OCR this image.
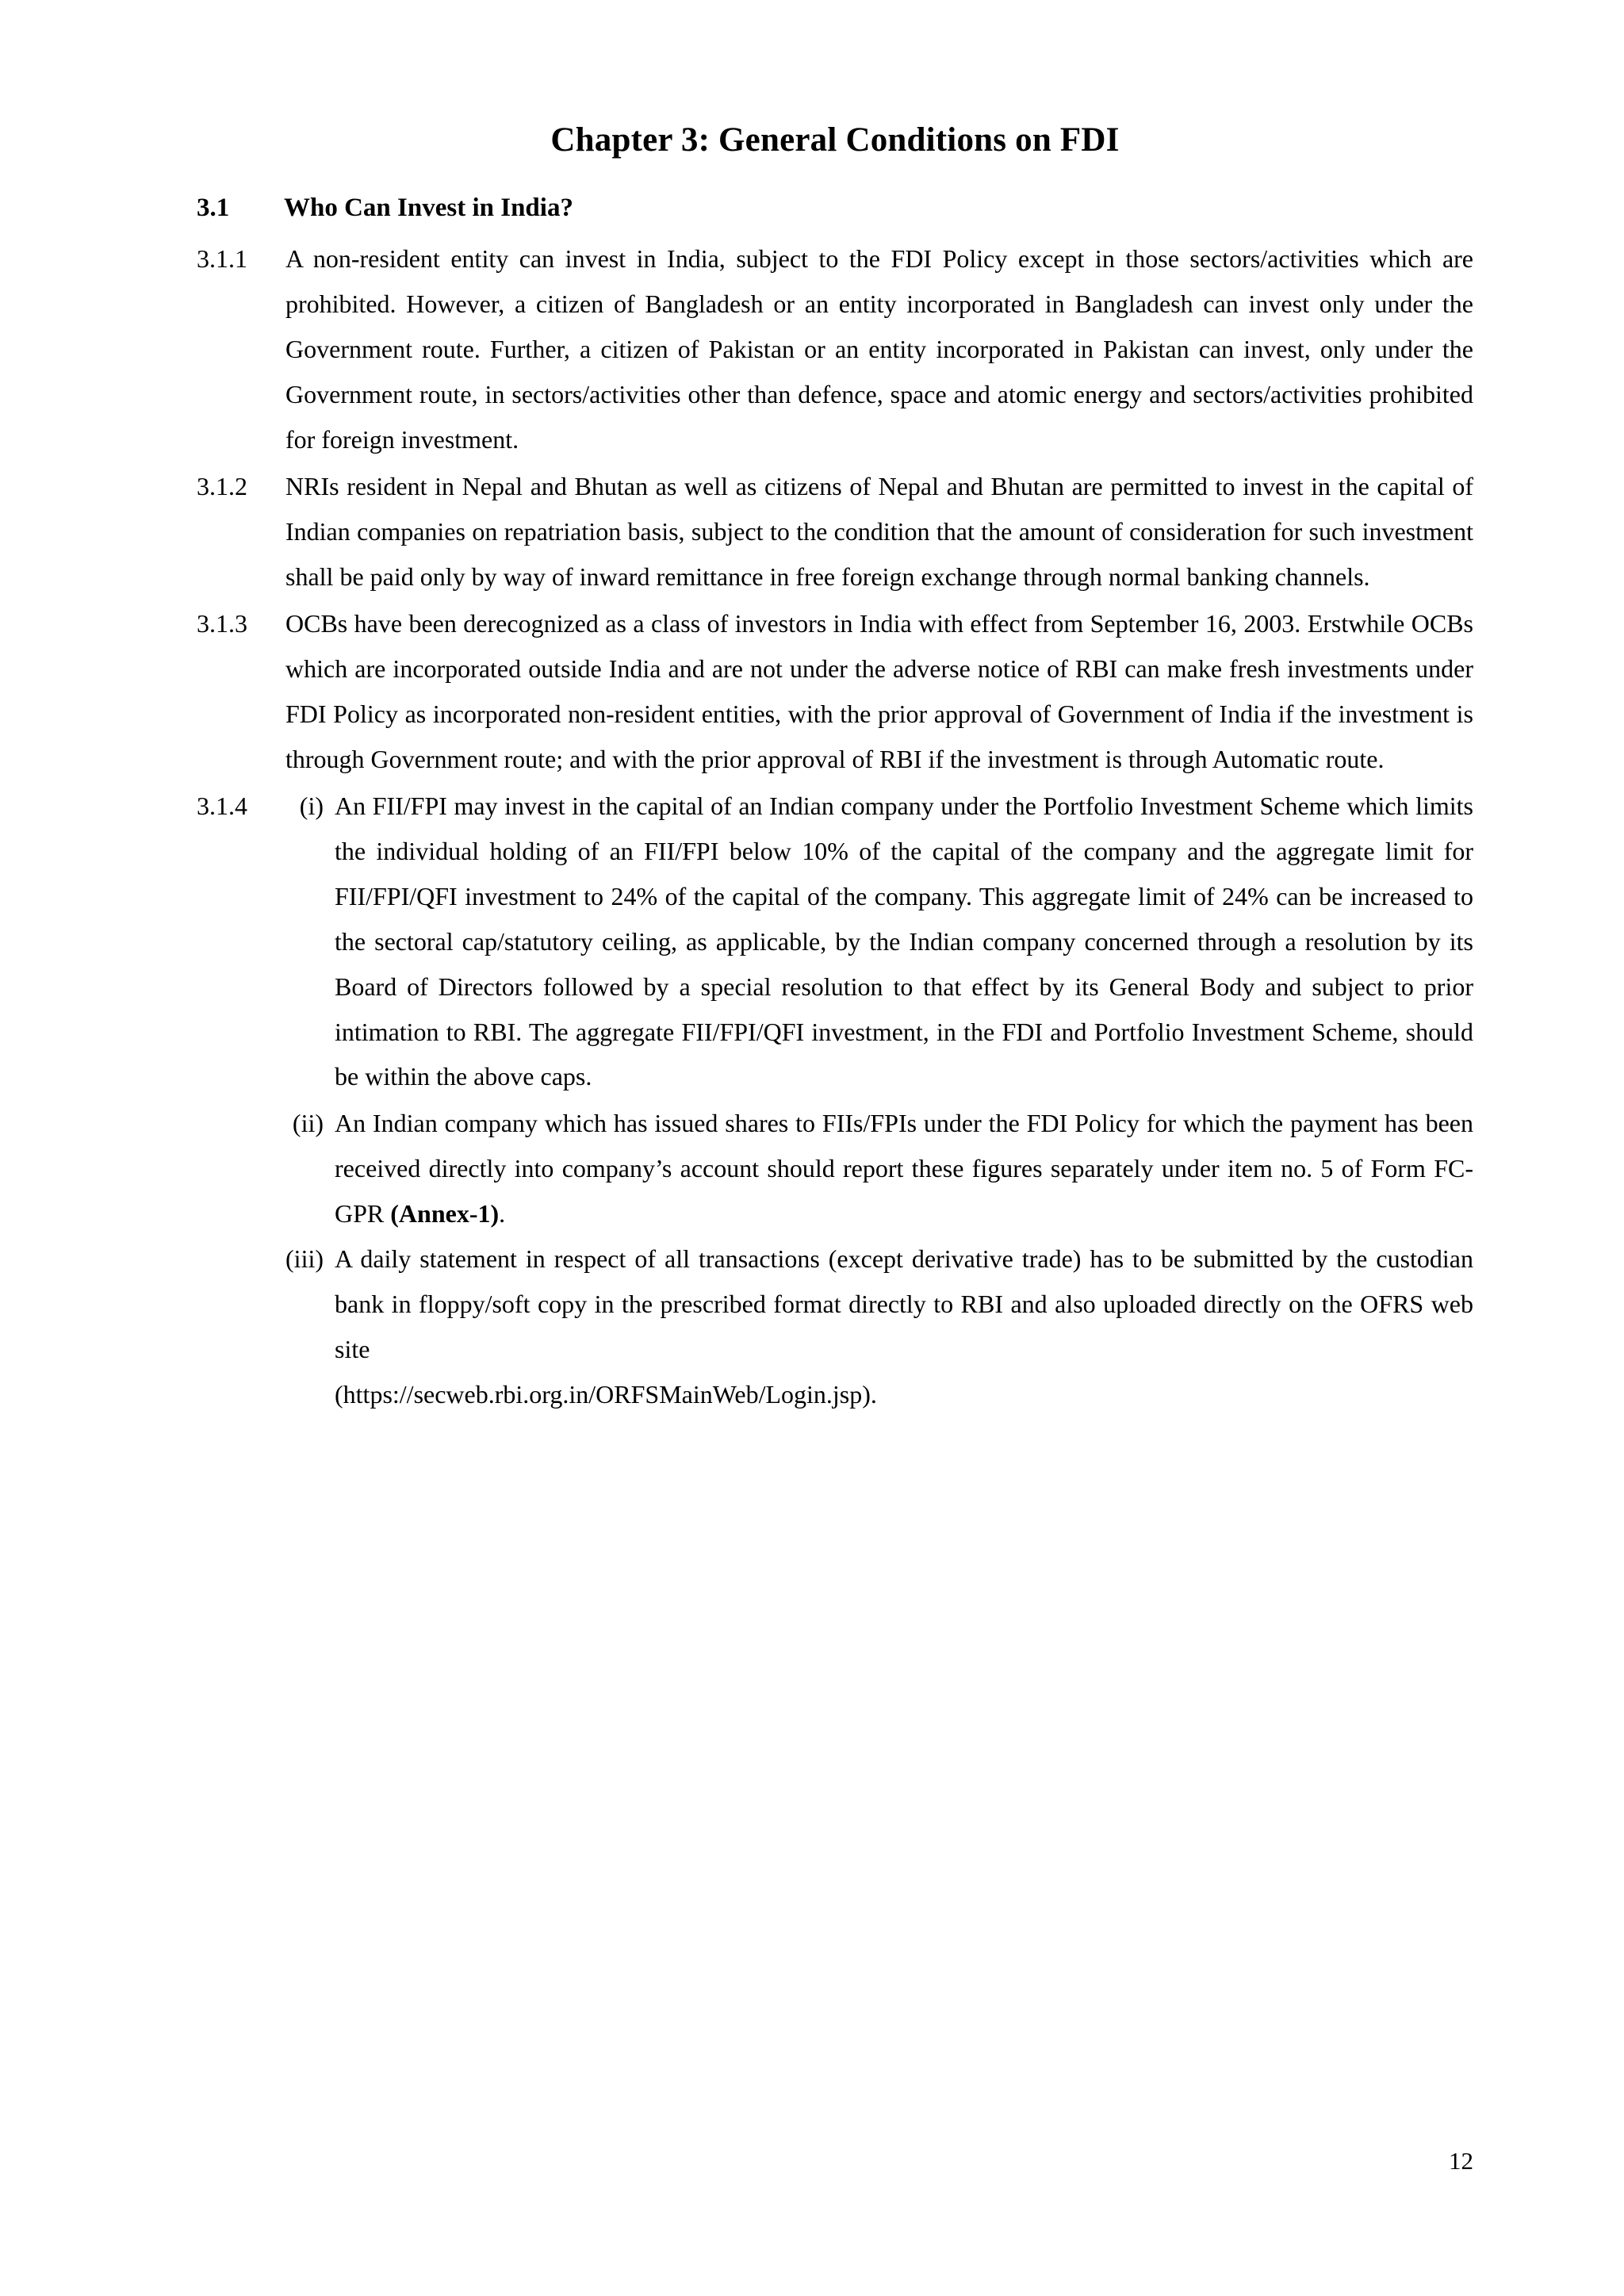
Chapter 3: General Conditions on FDI
3.1	Who Can Invest in India?
3.1.1	A non-resident entity can invest in India, subject to the FDI Policy except in those sectors/activities which are prohibited. However, a citizen of Bangladesh or an entity incorporated in Bangladesh can invest only under the Government route. Further, a citizen of Pakistan or an entity incorporated in Pakistan can invest, only under the Government route, in sectors/activities other than defence, space and atomic energy and sectors/activities prohibited for foreign investment.
3.1.2	NRIs resident in Nepal and Bhutan as well as citizens of Nepal and Bhutan are permitted to invest in the capital of Indian companies on repatriation basis, subject to the condition that the amount of consideration for such investment shall be paid only by way of inward remittance in free foreign exchange through normal banking channels.
3.1.3	OCBs have been derecognized as a class of investors in India with effect from September 16, 2003. Erstwhile OCBs which are incorporated outside India and are not under the adverse notice of RBI can make fresh investments under FDI Policy as incorporated non-resident entities, with the prior approval of Government of India if the investment is through Government route; and with the prior approval of RBI if the investment is through Automatic route.
3.1.4	(i) An FII/FPI may invest in the capital of an Indian company under the Portfolio Investment Scheme which limits the individual holding of an FII/FPI below 10% of the capital of the company and the aggregate limit for FII/FPI/QFI investment to 24% of the capital of the company. This aggregate limit of 24% can be increased to the sectoral cap/statutory ceiling, as applicable, by the Indian company concerned through a resolution by its Board of Directors followed by a special resolution to that effect by its General Body and subject to prior intimation to RBI. The aggregate FII/FPI/QFI investment, in the FDI and Portfolio Investment Scheme, should be within the above caps.
(ii) An Indian company which has issued shares to FIIs/FPIs under the FDI Policy for which the payment has been received directly into company’s account should report these figures separately under item no. 5 of Form FC-GPR (Annex-1).
(iii) A daily statement in respect of all transactions (except derivative trade) has to be submitted by the custodian bank in floppy/soft copy in the prescribed format directly to RBI and also uploaded directly on the OFRS web site
(https://secweb.rbi.org.in/ORFSMainWeb/Login.jsp).
12
